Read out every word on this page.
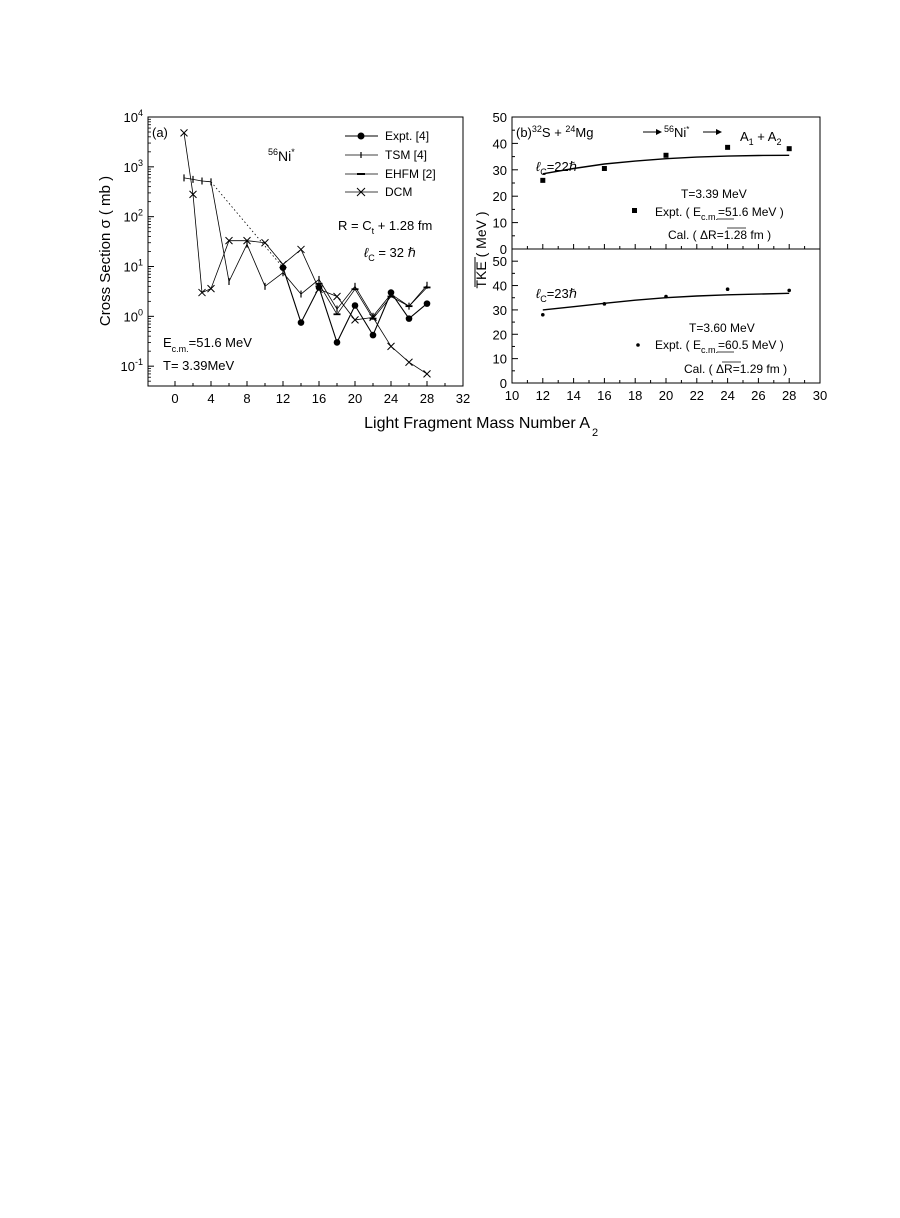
0 4 8 12 16 20 24 28 32
$10^4$
$10^3$
$10^2$
$10^1$
$10^0$
$10^{-1}$
(a)
$^{56}$Ni*
Expt. [4]
TSM [4]
EHFM [2]
DCM
$R = C_t + 1.28$ fm
ℓ$_C$ = 32 ℏ
$E_{c.m.}=51.6$ MeV
T= 3.39MeV
Cross Section σ ( mb )	0
10
20
30
40
50
0
10
20
30
40
50
10 12 14 16 18 20 22 24 26 28 30
$(b)^{32}S + ^{24}Mg$	$^{56}$Ni*	$A_1 + A_2$
ℓ$_C$=22ℏ
T=3.39 MeV
Expt. ( $E_{c.m.}=51.6$ MeV )
Cal. ( ΔR=1.28 fm )
ℓ$_C$=23ℏ
T=3.60 MeV
Expt. ( $E_{c.m.}=60.5$ MeV )
Cal. ( ΔR=1.29 fm )
TKE ( MeV )
Light Fragment Mass Number A
2
